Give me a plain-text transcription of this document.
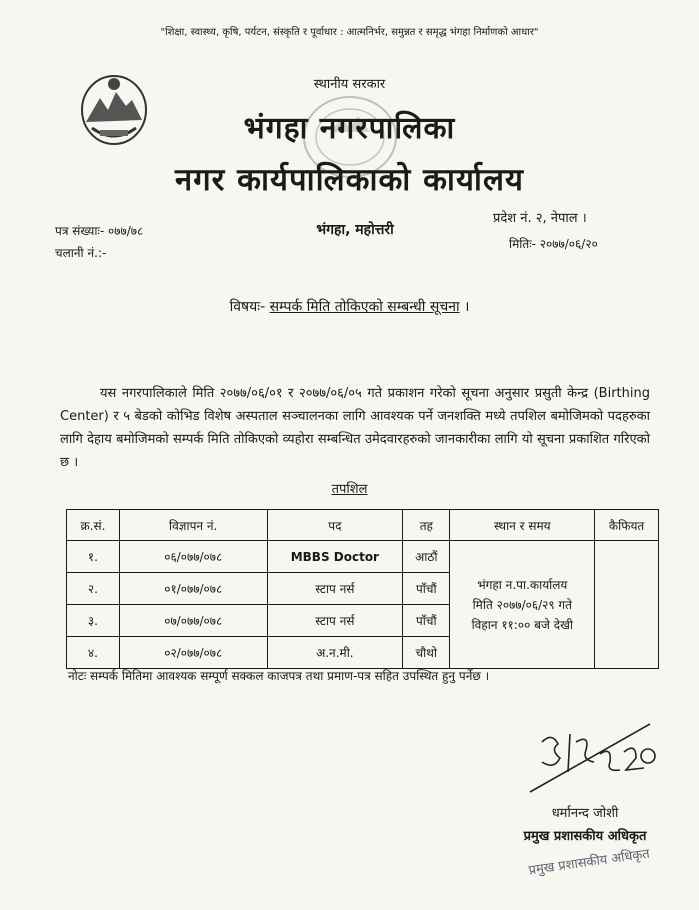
"शिक्षा, स्वास्थ्य, कृषि, पर्यटन, संस्कृति र पूर्वाधार : आत्मनिर्भर, समुन्नत र समृद्ध भंगहा निर्माणको आधार"
स्थानीय सरकार
भंगहा नगरपालिका
नगर कार्यपालिकाको कार्यालय
भंगहा, महोत्तरी
पत्र संख्याः- ०७७/७८
चलानी नं.:-
प्रदेश नं. २, नेपाल ।
मितिः- २०७७/०६/२०
विषयः- सम्पर्क मिति तोकिएको सम्बन्धी सूचना ।
यस नगरपालिकाले मिति २०७७/०६/०१ र २०७७/०६/०५ गते प्रकाशन गरेको सूचना अनुसार प्रसुती केन्द्र (Birthing Center) र ५ बेडको कोभिड विशेष अस्पताल सञ्चालनका लागि आवश्यक पर्ने जनशक्ति मध्ये तपशिल बमोजिमको पदहरुका लागि देहाय बमोजिमको सम्पर्क मिति तोकिएको व्यहोरा सम्बन्धित उमेदवारहरुको जानकारीका लागि यो सूचना प्रकाशित गरिएको छ ।
तपशिल
क्र.सं.	विज्ञापन नं.	पद	तह	स्थान र समय	कैफियत
१.	०६/०७७/०७८	MBBS Doctor	आठौं	भंगहा न.पा.कार्यालय
मिति २०७७/०६/२९ गते
विहान ११:०० बजे देखी	

२.	०१/०७७/०७८	स्टाप नर्स	पाँचौं		
३.	०७/०७७/०७८	स्टाप नर्स	पाँचौं		
४.	०२/०७७/०७८	अ.न.मी.	चौथो		
नोटः सम्पर्क मितिमा आवश्यक सम्पूर्ण सक्कल काजपत्र तथा प्रमाण-पत्र सहित उपस्थित हुनु पर्नेछ ।
धर्मानन्द जोशी
प्रमुख प्रशासकीय अधिकृत
प्रमुख प्रशासकीय अधिकृत
